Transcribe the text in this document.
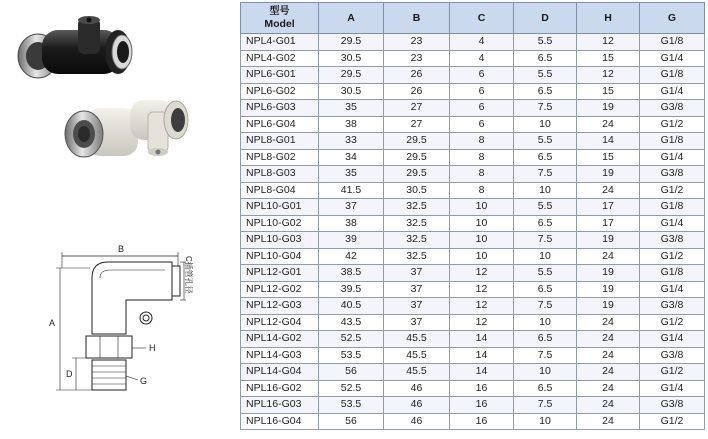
B
C插管孔径
A
D
H
G
型号
Model	A	B	C	D	H	G
NPL4-G01	29.5	23	4	5.5	12	G1/8
NPL4-G02	30.5	23	4	6.5	15	G1/4
NPL6-G01	29.5	26	6	5.5	12	G1/8
NPL6-G02	30.5	26	6	6.5	15	G1/4
NPL6-G03	35	27	6	7.5	19	G3/8
NPL6-G04	38	27	6	10	24	G1/2
NPL8-G01	33	29.5	8	5.5	14	G1/8
NPL8-G02	34	29.5	8	6.5	15	G1/4
NPL8-G03	35	29.5	8	7.5	19	G3/8
NPL8-G04	41.5	30.5	8	10	24	G1/2
NPL10-G01	37	32.5	10	5.5	17	G1/8
NPL10-G02	38	32.5	10	6.5	17	G1/4
NPL10-G03	39	32.5	10	7.5	19	G3/8
NPL10-G04	42	32.5	10	10	24	G1/2
NPL12-G01	38.5	37	12	5.5	19	G1/8
NPL12-G02	39.5	37	12	6.5	19	G1/4
NPL12-G03	40.5	37	12	7.5	19	G3/8
NPL12-G04	43.5	37	12	10	24	G1/2
NPL14-G02	52.5	45.5	14	6.5	24	G1/4
NPL14-G03	53.5	45.5	14	7.5	24	G3/8
NPL14-G04	56	45.5	14	10	24	G1/2
NPL16-G02	52.5	46	16	6.5	24	G1/4
NPL16-G03	53.5	46	16	7.5	24	G3/8
NPL16-G04	56	46	16	10	24	G1/2
